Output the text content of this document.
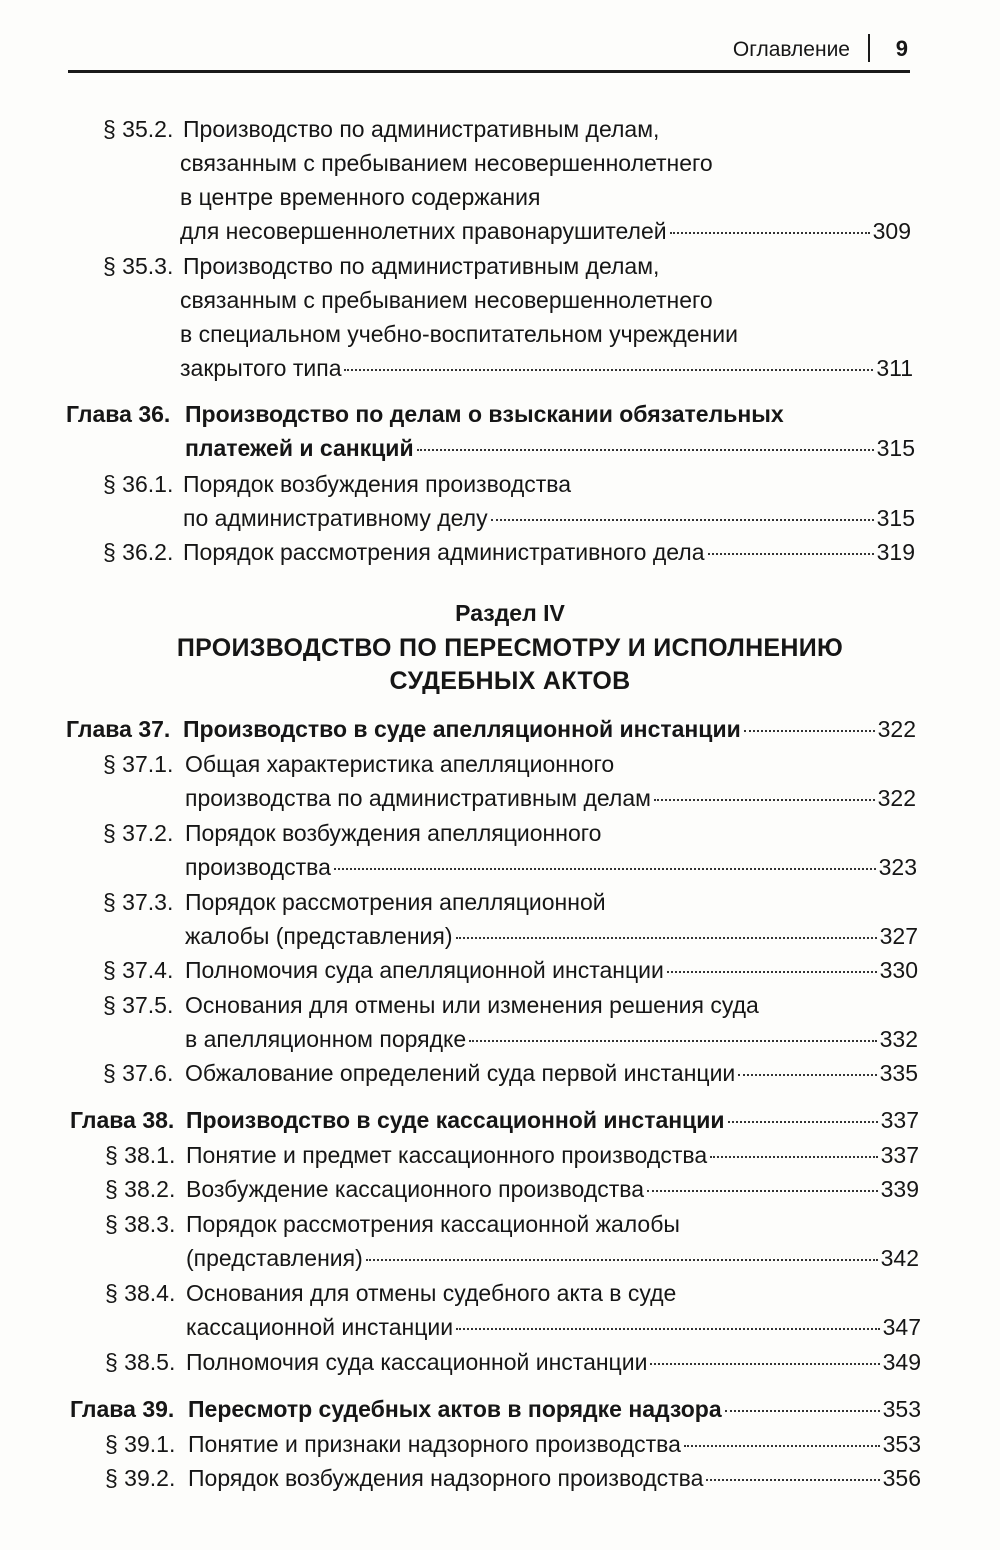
Оглавление 9
§ 35.2. Производство по административным делам,
связанным с пребыванием несовершеннолетнего
в центре временного содержания
для несовершеннолетних правонарушителей	309
§ 35.3. Производство по административным делам,
связанным с пребыванием несовершеннолетнего
в специальном учебно-воспитательном учреждении
закрытого типа	311
Глава 36. Производство по делам о взыскании обязательных
платежей и санкций	315
§ 36.1. Порядок возбуждения производства
по административному делу	315
§ 36.2. Порядок рассмотрения административного дела	319
Раздел IV
ПРОИЗВОДСТВО ПО ПЕРЕСМОТРУ И ИСПОЛНЕНИЮ
СУДЕБНЫХ АКТОВ
Глава 37. Производство в суде апелляционной инстанции	322
§ 37.1. Общая характеристика апелляционного
производства по административным делам	322
§ 37.2. Порядок возбуждения апелляционного
производства	323
§ 37.3. Порядок рассмотрения апелляционной
жалобы (представления)	327
§ 37.4. Полномочия суда апелляционной инстанции	330
§ 37.5. Основания для отмены или изменения решения суда
в апелляционном порядке	332
§ 37.6. Обжалование определений суда первой инстанции	335
Глава 38. Производство в суде кассационной инстанции	337
§ 38.1. Понятие и предмет кассационного производства	337
§ 38.2. Возбуждение кассационного производства	339
§ 38.3. Порядок рассмотрения кассационной жалобы
(представления)	342
§ 38.4. Основания для отмены судебного акта в суде
кассационной инстанции	347
§ 38.5. Полномочия суда кассационной инстанции	349
Глава 39. Пересмотр судебных актов в порядке надзора	353
§ 39.1. Понятие и признаки надзорного производства	353
§ 39.2. Порядок возбуждения надзорного производства	356
